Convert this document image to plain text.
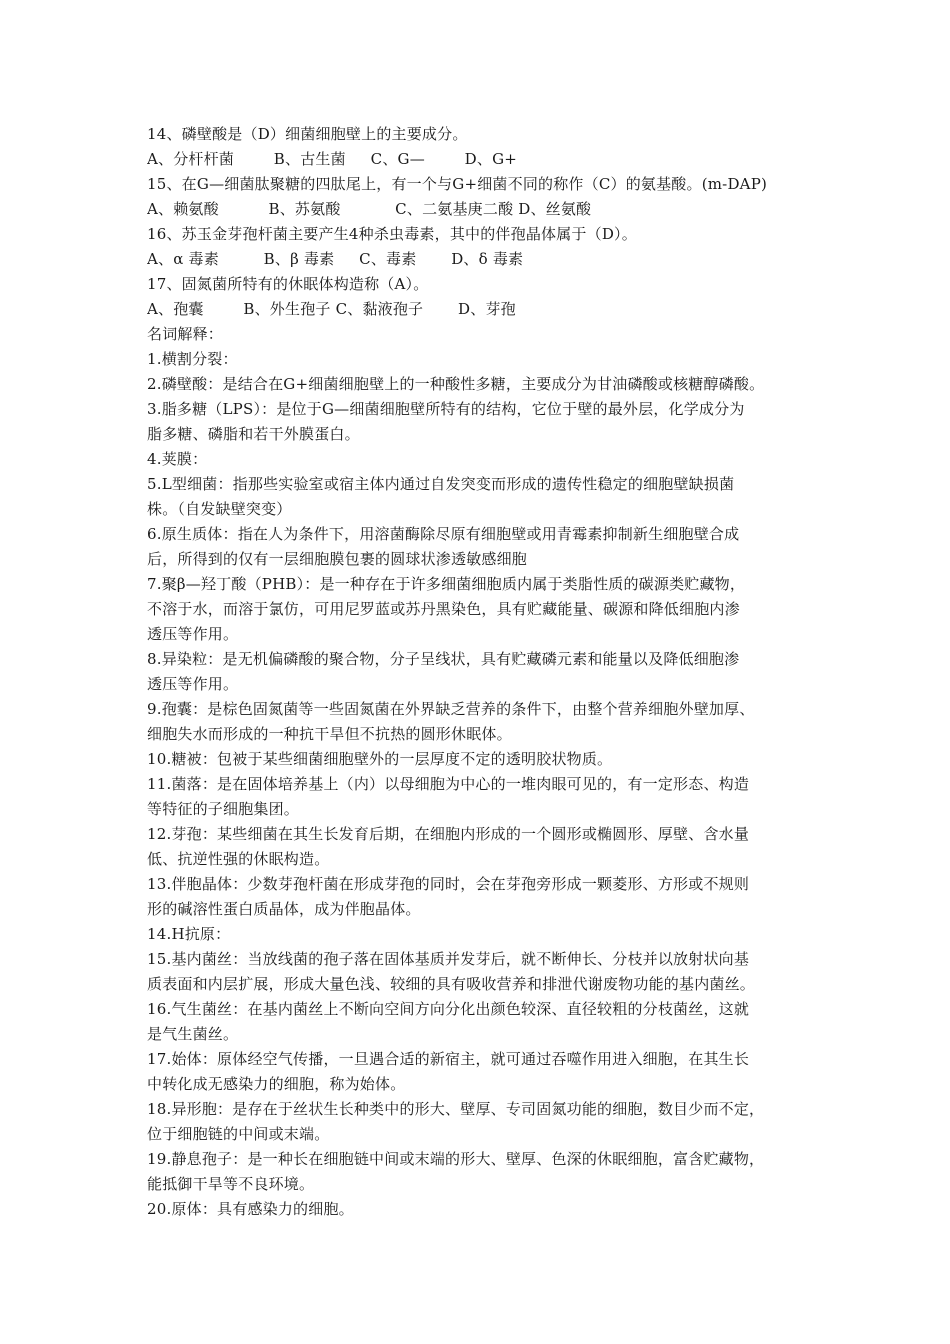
14、磷壁酸是（D）细菌细胞壁上的主要成分。
A、分杆杆菌        B、古生菌     C、G—        D、G+
15、在G—细菌肽聚糖的四肽尾上，有一个与G+细菌不同的称作（C）的氨基酸。(m-DAP)
A、赖氨酸          B、苏氨酸           C、二氨基庚二酸 D、丝氨酸
16、苏玉金芽孢杆菌主要产生4种杀虫毒素，其中的伴孢晶体属于（D）。
A、α 毒素         B、β 毒素     C、毒素       D、δ 毒素
17、固氮菌所特有的休眠体构造称（A）。
A、孢囊        B、外生孢子 C、黏液孢子       D、芽孢
名词解释：
1.横割分裂：
2.磷壁酸：是结合在G+细菌细胞壁上的一种酸性多糖，主要成分为甘油磷酸或核糖醇磷酸。
3.脂多糖（LPS）：是位于G—细菌细胞壁所特有的结构，它位于壁的最外层，化学成分为
脂多糖、磷脂和若干外膜蛋白。
4.荚膜：
5.L型细菌：指那些实验室或宿主体内通过自发突变而形成的遗传性稳定的细胞壁缺损菌
株。（自发缺壁突变）
6.原生质体：指在人为条件下，用溶菌酶除尽原有细胞壁或用青霉素抑制新生细胞壁合成
后，所得到的仅有一层细胞膜包裹的圆球状渗透敏感细胞
7.聚β—羟丁酸（PHB）：是一种存在于许多细菌细胞质内属于类脂性质的碳源类贮藏物，
不溶于水，而溶于氯仿，可用尼罗蓝或苏丹黑染色，具有贮藏能量、碳源和降低细胞内渗
透压等作用。
8.异染粒：是无机偏磷酸的聚合物，分子呈线状，具有贮藏磷元素和能量以及降低细胞渗
透压等作用。
9.孢囊：是棕色固氮菌等一些固氮菌在外界缺乏营养的条件下，由整个营养细胞外壁加厚、
细胞失水而形成的一种抗干旱但不抗热的圆形休眠体。
10.糖被：包被于某些细菌细胞壁外的一层厚度不定的透明胶状物质。
11.菌落：是在固体培养基上（内）以母细胞为中心的一堆肉眼可见的，有一定形态、构造
等特征的子细胞集团。
12.芽孢：某些细菌在其生长发育后期，在细胞内形成的一个圆形或椭圆形、厚壁、含水量
低、抗逆性强的休眠构造。
13.伴胞晶体：少数芽孢杆菌在形成芽孢的同时，会在芽孢旁形成一颗菱形、方形或不规则
形的碱溶性蛋白质晶体，成为伴胞晶体。
14.H抗原：
15.基内菌丝：当放线菌的孢子落在固体基质并发芽后，就不断伸长、分枝并以放射状向基
质表面和内层扩展，形成大量色浅、较细的具有吸收营养和排泄代谢废物功能的基内菌丝。
16.气生菌丝：在基内菌丝上不断向空间方向分化出颜色较深、直径较粗的分枝菌丝，这就
是气生菌丝。
17.始体：原体经空气传播，一旦遇合适的新宿主，就可通过吞噬作用进入细胞，在其生长
中转化成无感染力的细胞，称为始体。
18.异形胞：是存在于丝状生长种类中的形大、壁厚、专司固氮功能的细胞，数目少而不定，
位于细胞链的中间或末端。
19.静息孢子：是一种长在细胞链中间或末端的形大、壁厚、色深的休眠细胞，富含贮藏物，
能抵御干旱等不良环境。
20.原体：具有感染力的细胞。
